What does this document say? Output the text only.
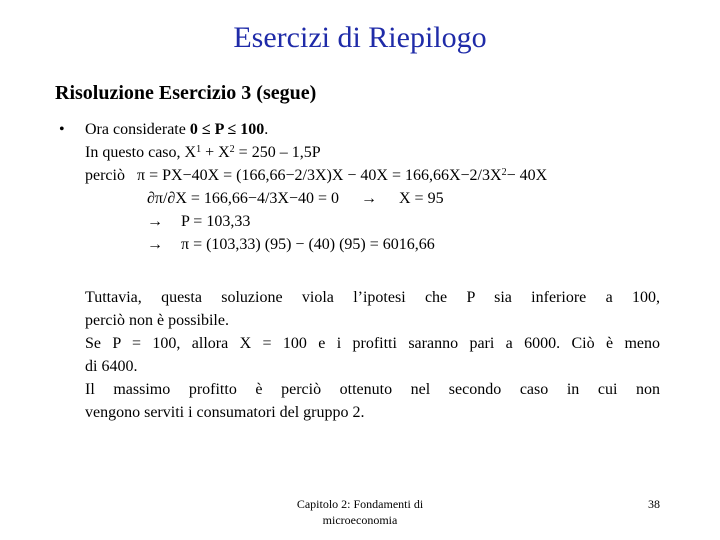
Esercizi di Riepilogo
Risoluzione Esercizio 3 (segue)
• Ora considerate 0 ≤ P ≤ 100.
In questo caso, $X^1 + X^2 = 250 - 1,5P$
perciò $\pi = PX-40X = (166,66-2/3X)X - 40X = 166,66X-2/3X^2- 40X$
∂π/∂X = 166,66−4/3X−40 = 0 → X = 95
→ P = 103,33
→ π = (103,33) (95) − (40) (95) = 6016,66
Tuttavia, questa soluzione viola l’ipotesi che P sia inferiore a 100,
perciò non è possibile.
Se P = 100, allora X = 100 e i profitti saranno pari a 6000. Ciò è meno
di 6400.
Il massimo profitto è perciò ottenuto nel secondo caso in cui non
vengono serviti i consumatori del gruppo 2.
Capitolo 2: Fondamenti di
microeconomia
38
